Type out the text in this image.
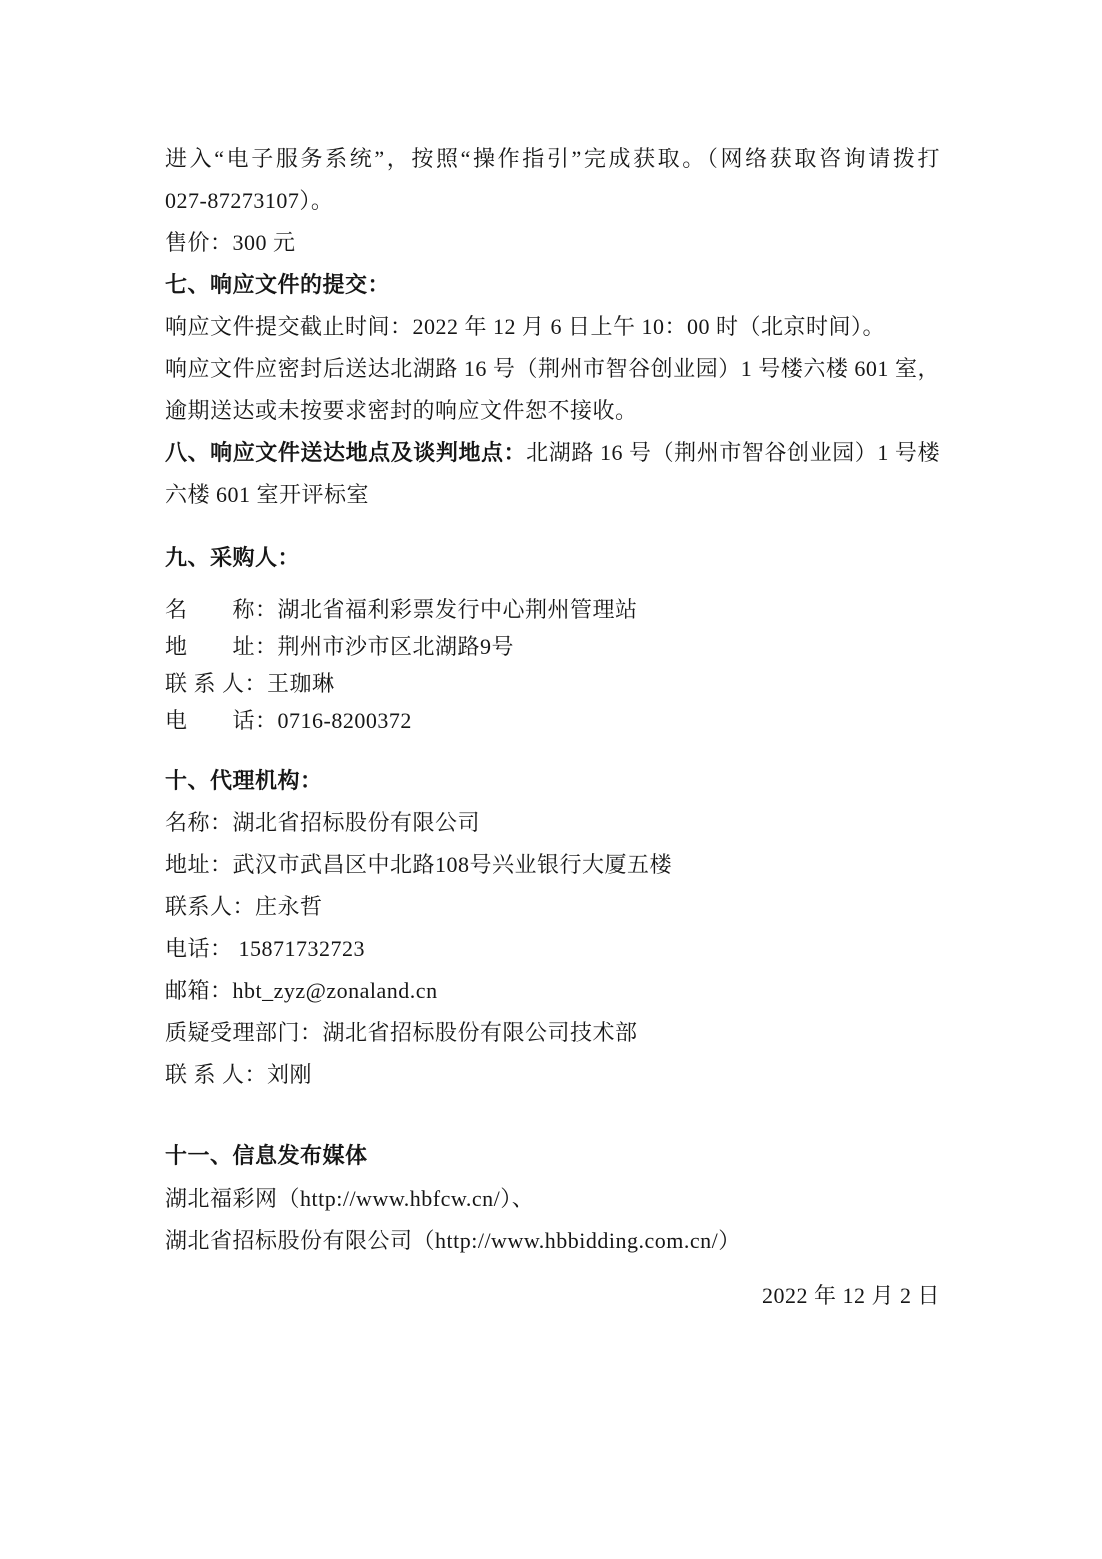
进入“电子服务系统”，按照“操作指引”完成获取。（网络获取咨询请拨打
027-87273107）。
售价：300 元
七、响应文件的提交：
响应文件提交截止时间：2022 年 12 月 6 日上午 10：00 时（北京时间）。
响应文件应密封后送达北湖路 16 号（荆州市智谷创业园）1 号楼六楼 601 室，
逾期送达或未按要求密封的响应文件恕不接收。
八、响应文件送达地点及谈判地点：北湖路 16 号（荆州市智谷创业园）1 号楼
六楼 601 室开评标室
九、采购人：
名　　称：湖北省福利彩票发行中心荆州管理站
地　　址：荆州市沙市区北湖路9号
联 系 人：王珈琳
电　　话：0716-8200372
十、代理机构：
名称：湖北省招标股份有限公司
地址：武汉市武昌区中北路108号兴业银行大厦五楼
联系人：庄永哲
电话： 15871732723
邮箱：hbt_zyz@zonaland.cn
质疑受理部门：湖北省招标股份有限公司技术部
联 系 人：刘刚
十一、信息发布媒体
湖北福彩网（http://www.hbfcw.cn/）、
湖北省招标股份有限公司（http://www.hbbidding.com.cn/）
2022 年 12 月 2 日
